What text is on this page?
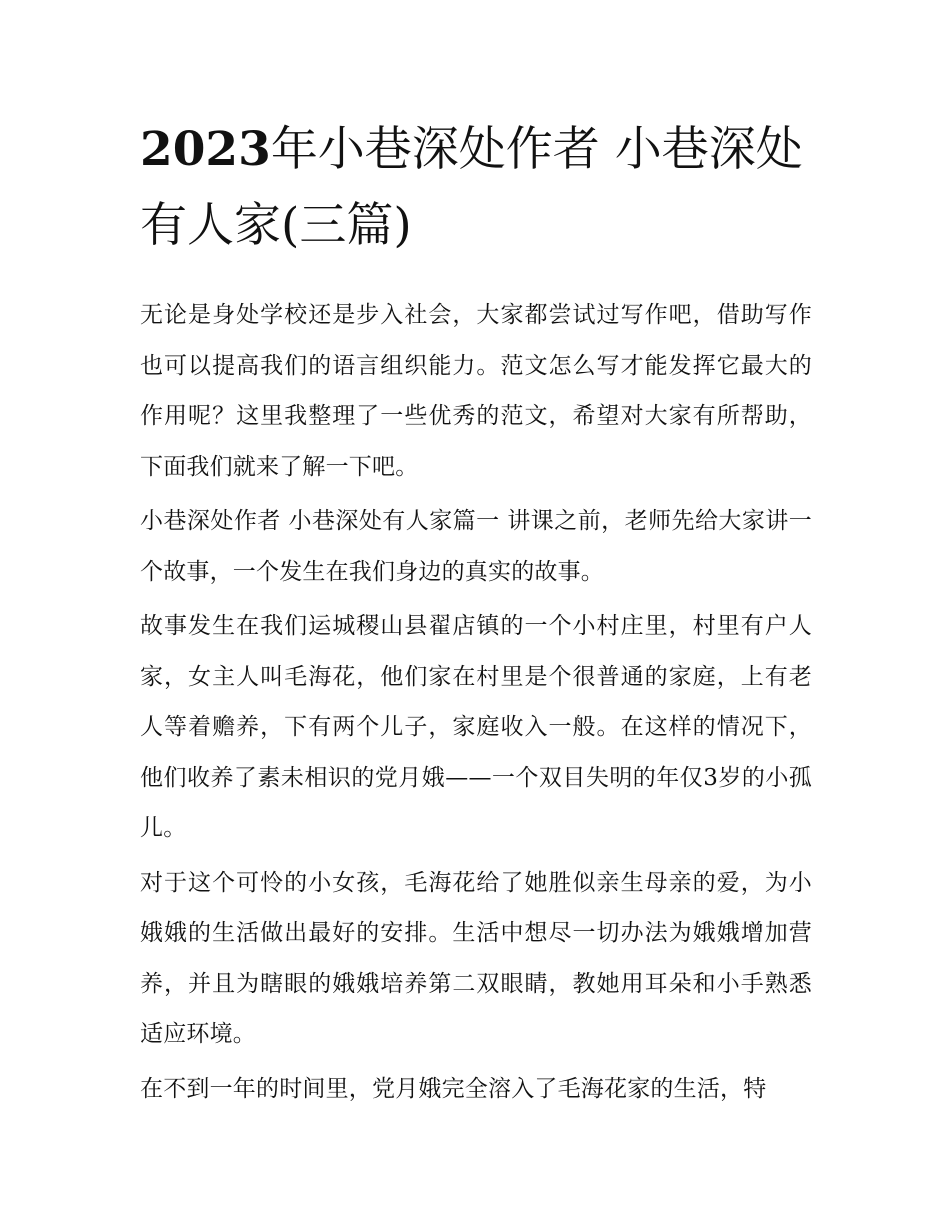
2023年小巷深处作者 小巷深处有人家(三篇)

无论是身处学校还是步入社会，大家都尝试过写作吧，借助写作也可以提高我们的语言组织能力。范文怎么写才能发挥它最大的作用呢？这里我整理了一些优秀的范文，希望对大家有所帮助，下面我们就来了解一下吧。

小巷深处作者 小巷深处有人家篇一 讲课之前，老师先给大家讲一个故事，一个发生在我们身边的真实的故事。

故事发生在我们运城稷山县翟店镇的一个小村庄里，村里有户人家，女主人叫毛海花，他们家在村里是个很普通的家庭，上有老人等着赡养，下有两个儿子，家庭收入一般。在这样的情况下，他们收养了素未相识的党月娥——一个双目失明的年仅3岁的小孤儿。

对于这个可怜的小女孩，毛海花给了她胜似亲生母亲的爱，为小娥娥的生活做出最好的安排。生活中想尽一切办法为娥娥增加营养，并且为瞎眼的娥娥培养第二双眼睛，教她用耳朵和小手熟悉适应环境。

在不到一年的时间里，党月娥完全溶入了毛海花家的生活，特
